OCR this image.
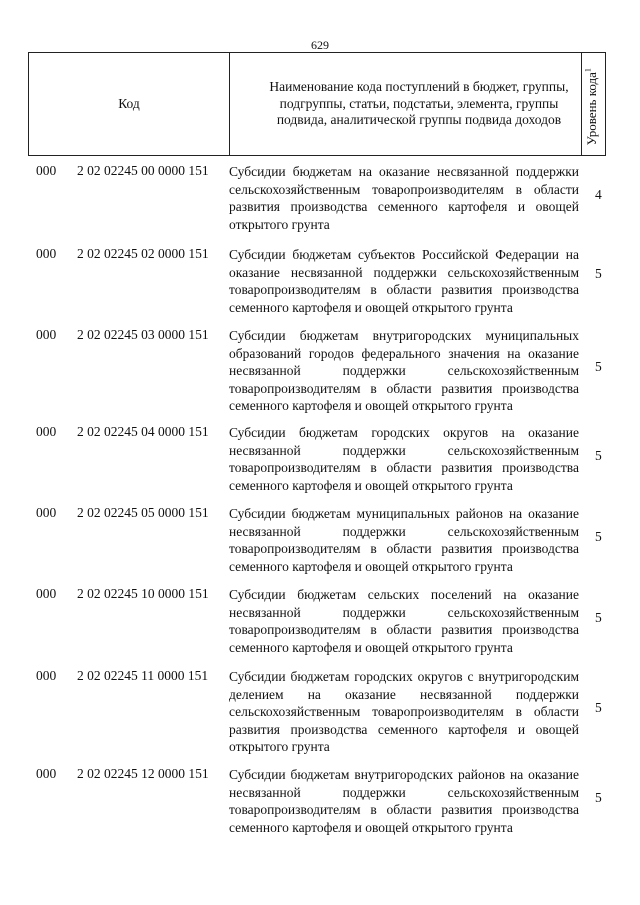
629
Код
Наименование кода поступлений в бюджет, группы, подгруппы, статьи, подстатьи, элемента, группы подвида, аналитической группы подвида доходов	Уровень кода$^1$
000 2 02 02245 00 0000 151 Субсидии бюджетам на оказание несвязанной поддержки сельскохозяйственным товаропроизводителям в области развития производства семенного картофеля и овощей открытого грунта
4
000 2 02 02245 02 0000 151 Субсидии бюджетам субъектов Российской Федерации на оказание несвязанной поддержки сельскохозяйственным товаропроизводителям в области развития производства семенного картофеля и овощей открытого грунта
5
000 2 02 02245 03 0000 151 Субсидии бюджетам внутригородских муниципальных образований городов федерального значения на оказание несвязанной поддержки сельскохозяйственным товаропроизводителям в области развития производства семенного картофеля и овощей открытого грунта
5
000 2 02 02245 04 0000 151 Субсидии бюджетам городских округов на оказание несвязанной поддержки сельскохозяйственным товаропроизводителям в области развития производства семенного картофеля и овощей открытого грунта
5
000 2 02 02245 05 0000 151 Субсидии бюджетам муниципальных районов на оказание несвязанной поддержки сельскохозяйственным товаропроизводителям в области развития производства семенного картофеля и овощей открытого грунта
5
000 2 02 02245 10 0000 151 Субсидии бюджетам сельских поселений на оказание несвязанной поддержки сельскохозяйственным товаропроизводителям в области развития производства семенного картофеля и овощей открытого грунта
5
000 2 02 02245 11 0000 151 Субсидии бюджетам городских округов с внутригородским делением на оказание несвязанной поддержки сельскохозяйственным товаропроизводителям в области развития производства семенного картофеля и овощей открытого грунта
5
000 2 02 02245 12 0000 151 Субсидии бюджетам внутригородских районов на оказание несвязанной поддержки сельскохозяйственным товаропроизводителям в области развития производства семенного картофеля и овощей открытого грунта
5
